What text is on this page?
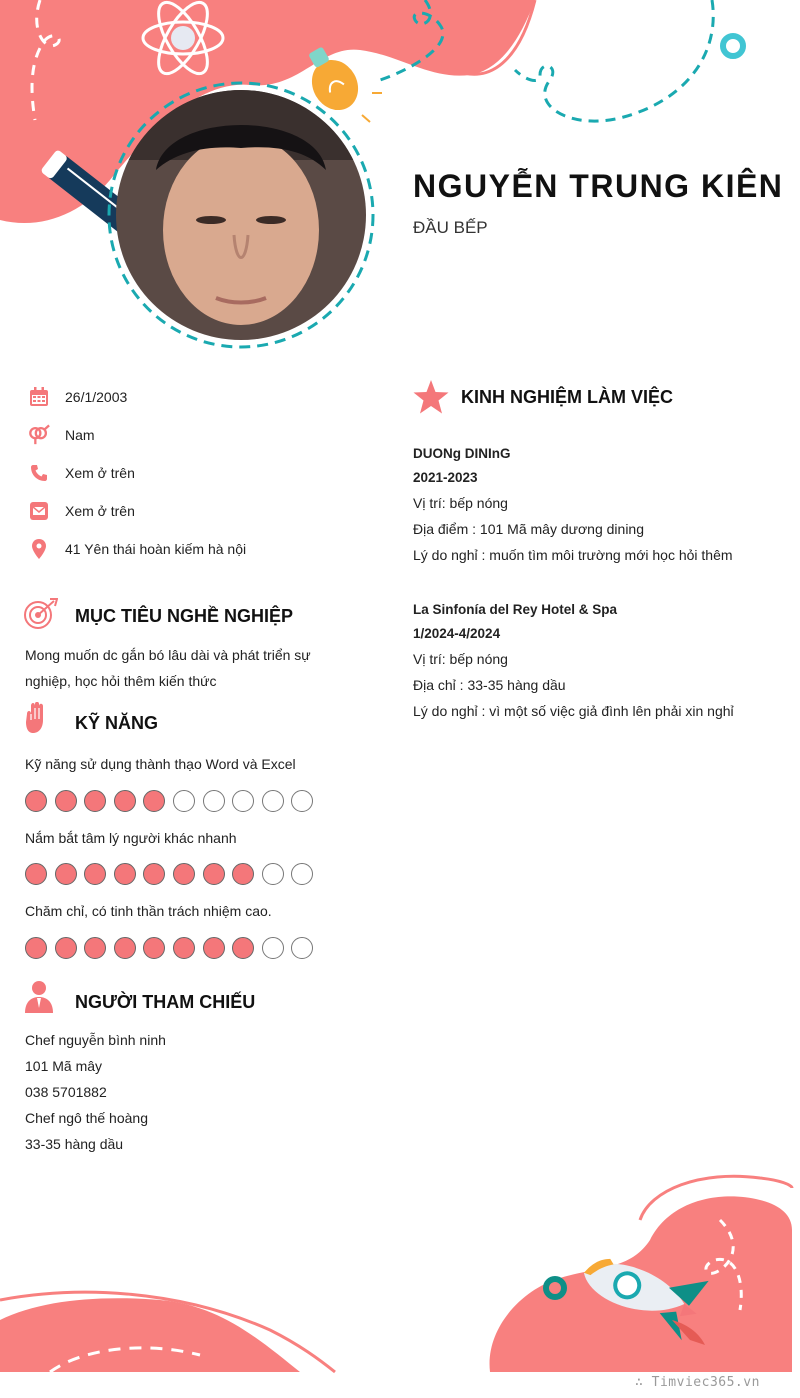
NGUYỄN TRUNG KIÊN
ĐẦU BẾP
26/1/2003
Nam
Xem ở trên
Xem ở trên
41 Yên thái hoàn kiếm hà nội
MỤC TIÊU NGHỀ NGHIỆP
Mong muốn dc gắn bó lâu dài và phát triển sự nghiệp, học hỏi thêm kiến thức
KỸ NĂNG
Kỹ năng sử dụng thành thạo Word và Excel
Nắm bắt tâm lý người khác nhanh
Chăm chỉ, có tinh thần trách nhiệm cao.
NGƯỜI THAM CHIẾU
Chef nguyễn bình ninh
101 Mã mây
038 5701882
Chef ngô thế hoàng
33-35 hàng dầu
KINH NGHIỆM LÀM VIỆC
DUONg DINInG
2021-2023
Vị trí: bếp nóng
Địa điểm : 101 Mã mây dương dining
Lý do nghỉ : muốn tìm môi trường mới học hỏi thêm
La Sinfonía del Rey Hotel & Spa
1/2024-4/2024
Vị trí: bếp nóng
Địa chỉ : 33-35 hàng dầu
Lý do nghỉ : vì một số việc giả đình lên phải xin nghỉ
∴ Timviec365.vn
